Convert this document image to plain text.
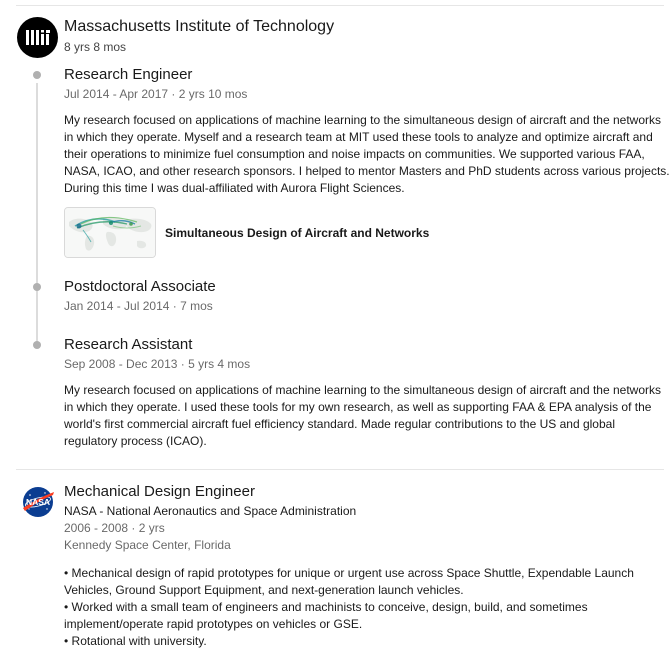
Massachusetts Institute of Technology
8 yrs 8 mos
Research Engineer
Jul 2014 - Apr 2017 · 2 yrs 10 mos
My research focused on applications of machine learning to the simultaneous design of aircraft and the networks
in which they operate. Myself and a research team at MIT used these tools to analyze and optimize aircraft and
their operations to minimize fuel consumption and noise impacts on communities. We supported various FAA,
NASA, ICAO, and other research sponsors. I helped to mentor Masters and PhD students across various projects.
During this time I was dual-affiliated with Aurora Flight Sciences.
Simultaneous Design of Aircraft and Networks
Postdoctoral Associate
Jan 2014 - Jul 2014 · 7 mos
Research Assistant
Sep 2008 - Dec 2013 · 5 yrs 4 mos
My research focused on applications of machine learning to the simultaneous design of aircraft and the networks
in which they operate. I used these tools for my own research, as well as supporting FAA & EPA analysis of the
world's first commercial aircraft fuel efficiency standard. Made regular contributions to the US and global
regulatory process (ICAO).
NASA
Mechanical Design Engineer
NASA - National Aeronautics and Space Administration
2006 - 2008 · 2 yrs
Kennedy Space Center, Florida
• Mechanical design of rapid prototypes for unique or urgent use across Space Shuttle, Expendable Launch
Vehicles, Ground Support Equipment, and next-generation launch vehicles.
• Worked with a small team of engineers and machinists to conceive, design, build, and sometimes
implement/operate rapid prototypes on vehicles or GSE.
• Rotational with university.
